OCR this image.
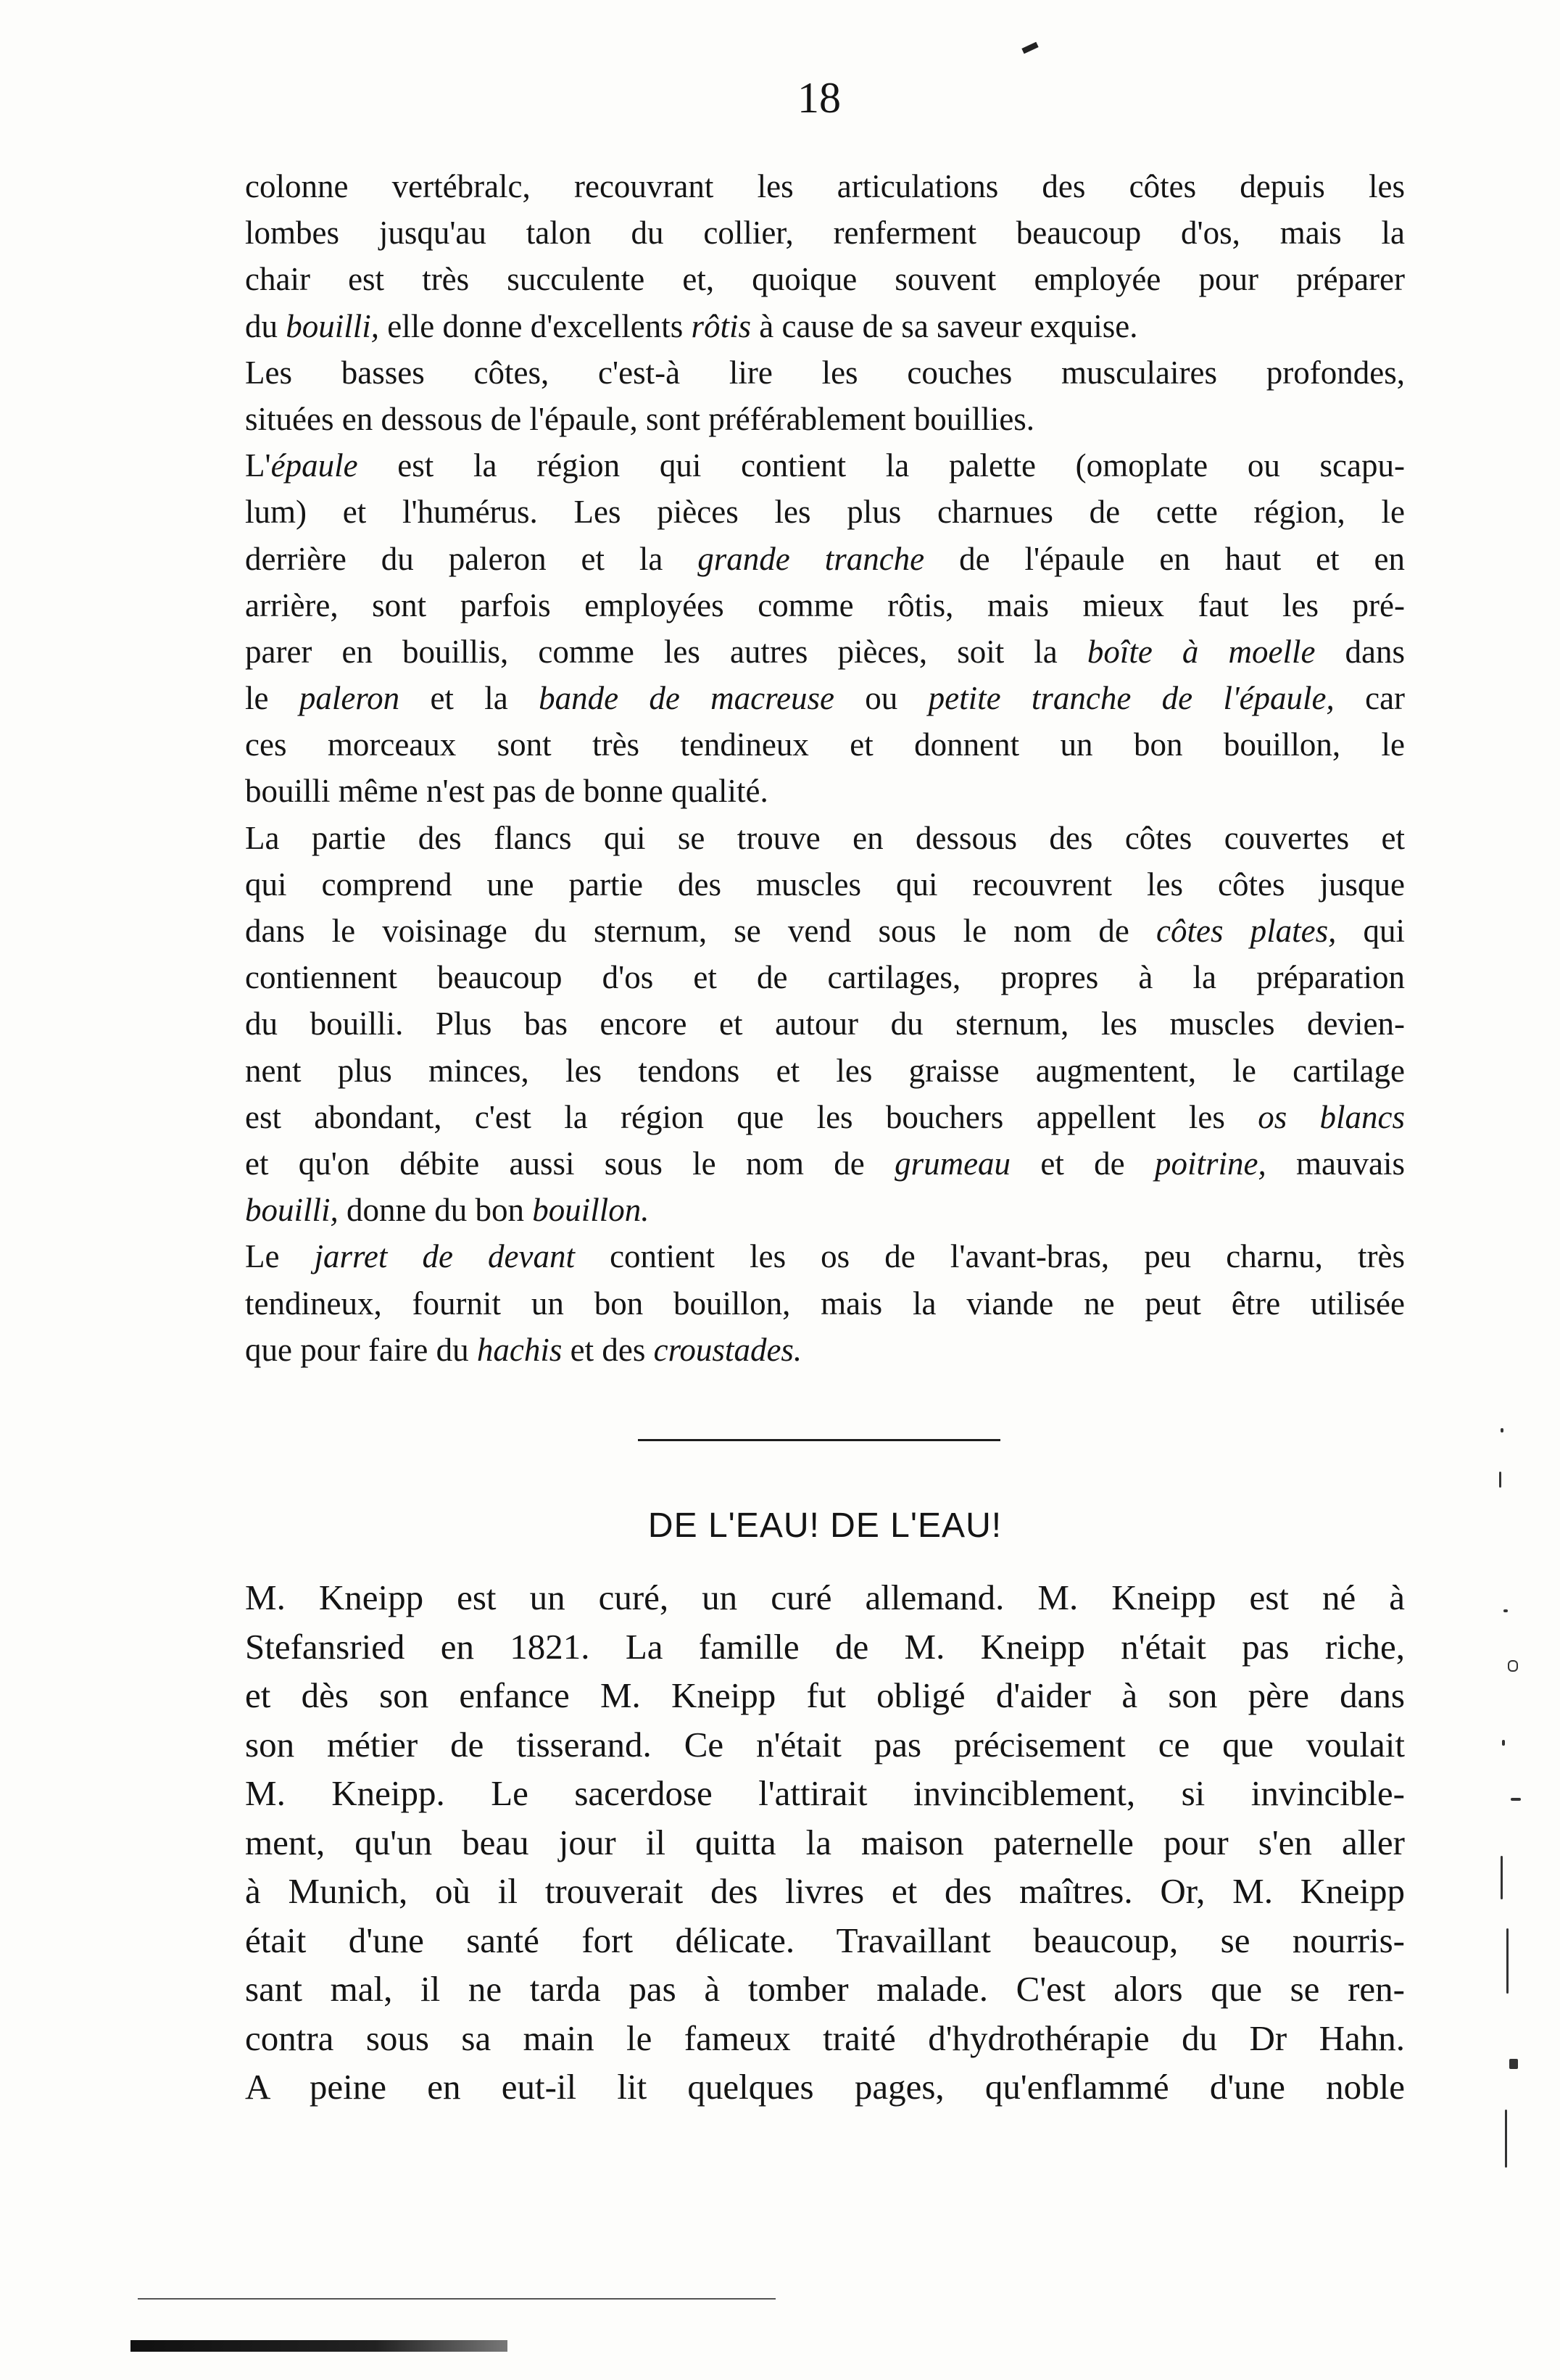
18
colonne vertébralc, recouvrant les articulations des côtes depuis les
lombes jusqu'au talon du collier, renferment beaucoup d'os, mais la
chair est très succulente et, quoique souvent employée pour préparer
du bouilli, elle donne d'excellents rôtis à cause de sa saveur exquise.
Les basses côtes, c'est-à lire les couches musculaires profondes,
situées en dessous de l'épaule, sont préférablement bouillies.
L'épaule est la région qui contient la palette (omoplate ou scapu-
lum) et l'humérus. Les pièces les plus charnues de cette région, le
derrière du paleron et la grande tranche de l'épaule en haut et en
arrière, sont parfois employées comme rôtis, mais mieux faut les pré-
parer en bouillis, comme les autres pièces, soit la boîte à moelle dans
le paleron et la bande de macreuse ou petite tranche de l'épaule, car
ces morceaux sont très tendineux et donnent un bon bouillon, le
bouilli même n'est pas de bonne qualité.
La partie des flancs qui se trouve en dessous des côtes couvertes et
qui comprend une partie des muscles qui recouvrent les côtes jusque
dans le voisinage du sternum, se vend sous le nom de côtes plates, qui
contiennent beaucoup d'os et de cartilages, propres à la préparation
du bouilli. Plus bas encore et autour du sternum, les muscles devien-
nent plus minces, les tendons et les graisse augmentent, le cartilage
est abondant, c'est la région que les bouchers appellent les os blancs
et qu'on débite aussi sous le nom de grumeau et de poitrine, mauvais
bouilli, donne du bon bouillon.
Le jarret de devant contient les os de l'avant-bras, peu charnu, très
tendineux, fournit un bon bouillon, mais la viande ne peut être utilisée
que pour faire du hachis et des croustades.
DE L'EAU! DE L'EAU!
M. Kneipp est un curé, un curé allemand. M. Kneipp est né à
Stefansried en 1821. La famille de M. Kneipp n'était pas riche,
et dès son enfance M. Kneipp fut obligé d'aider à son père dans
son métier de tisserand. Ce n'était pas précisement ce que voulait
M. Kneipp. Le sacerdose l'attirait invinciblement, si invincible-
ment, qu'un beau jour il quitta la maison paternelle pour s'en aller
à Munich, où il trouverait des livres et des maîtres. Or, M. Kneipp
était d'une santé fort délicate. Travaillant beaucoup, se nourris-
sant mal, il ne tarda pas à tomber malade. C'est alors que se ren-
contra sous sa main le fameux traité d'hydrothérapie du Dr Hahn.
A peine en eut-il lit quelques pages, qu'enflammé d'une noble
